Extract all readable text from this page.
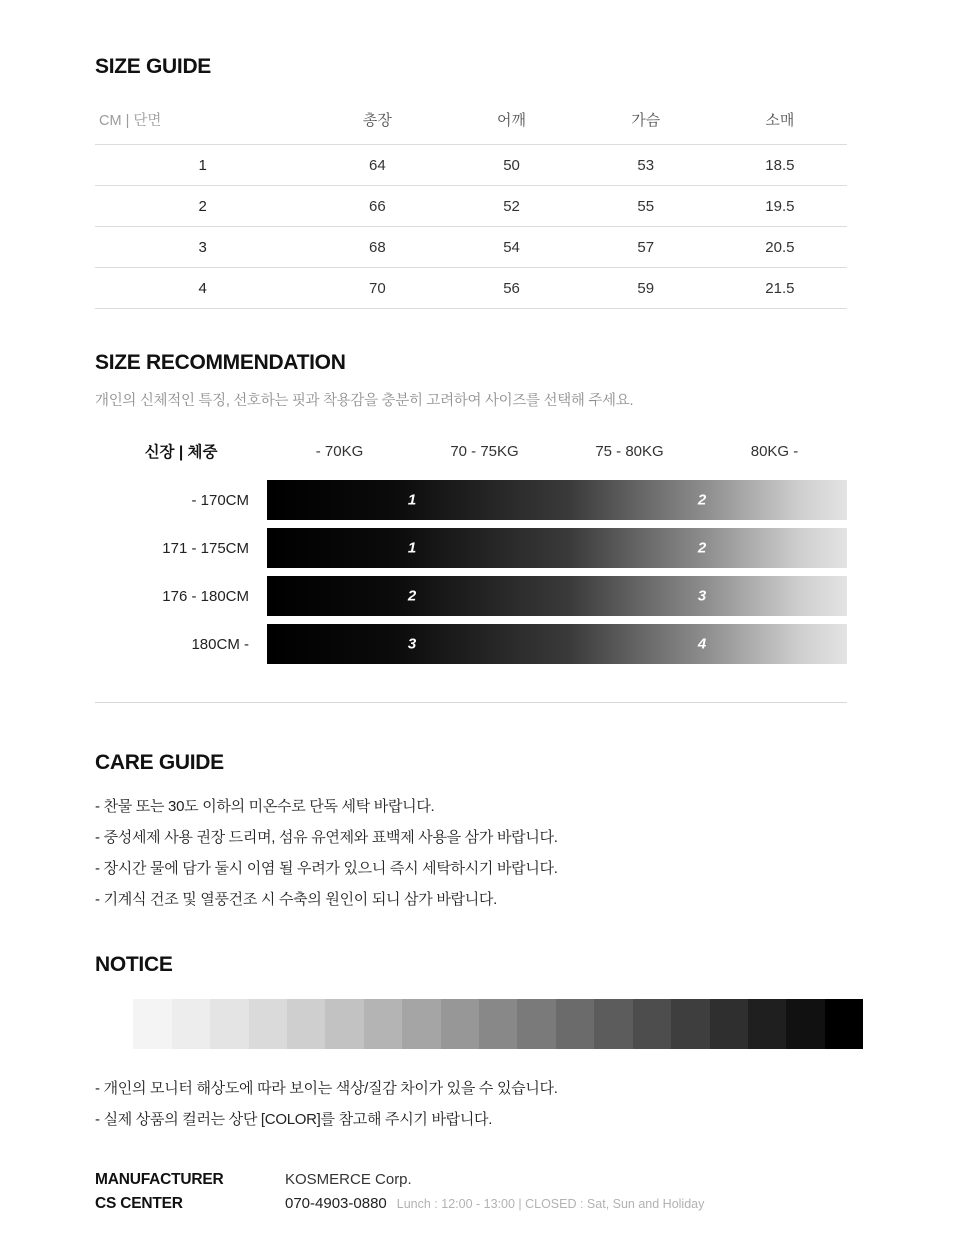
SIZE GUIDE
CM | 단면	총장	어깨	가슴	소매
1	64	50	53	18.5
2	66	52	55	19.5
3	68	54	57	20.5
4	70	56	59	21.5
SIZE RECOMMENDATION

개인의 신체적인 특징, 선호하는 핏과 착용감을 충분히 고려하여 사이즈를 선택해 주세요.

신장 | 체중	- 70KG	70 - 75KG	75 - 80KG	80KG -
- 170CM	1	2
171 - 175CM	1	2
176 - 180CM	2	3
180CM -	3	4
CARE GUIDE

- 찬물 또는 30도 이하의 미온수로 단독 세탁 바랍니다.

- 중성세제 사용 권장 드리며, 섬유 유연제와 표백제 사용을 삼가 바랍니다.

- 장시간 물에 담가 둘시 이염 될 우려가 있으니 즉시 세탁하시기 바랍니다.

- 기계식 건조 및 열풍건조 시 수축의 원인이 되니 삼가 바랍니다.

NOTICE

- 개인의 모니터 해상도에 따라 보이는 색상/질감 차이가 있을 수 있습니다.

- 실제 상품의 컬러는 상단 [COLOR]를 참고해 주시기 바랍니다.

MANUFACTURER	KOSMERCE Corp.
CS CENTER	070-4903-0880 Lunch : 12:00 - 13:00 | CLOSED : Sat, Sun and Holiday
